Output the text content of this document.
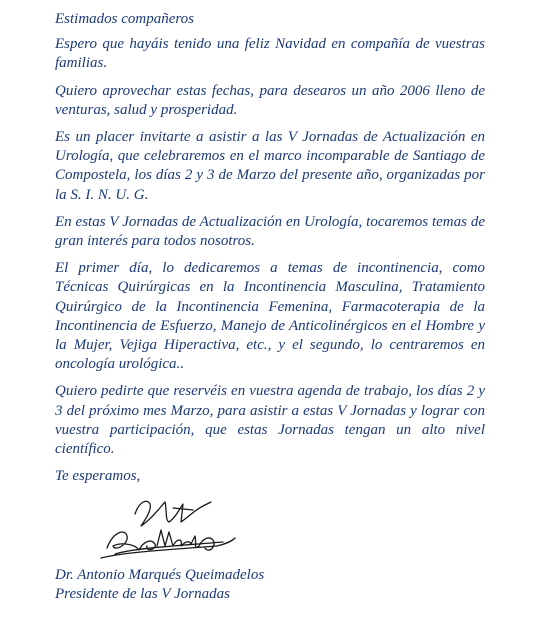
Estimados compañeros

Espero que hayáis tenido una feliz Navidad en compañía de vuestras familias.

Quiero aprovechar estas fechas, para desearos un año 2006 lleno de venturas, salud y prosperidad.

Es un placer invitarte a asistir a las V Jornadas de Actualización en Urología, que celebraremos en el marco incomparable de Santiago de Compostela, los días 2 y 3 de Marzo del presente año, organizadas por la S. I. N. U. G.

En estas V Jornadas de Actualización en Urología, tocaremos temas de gran interés para todos nosotros.

El primer día, lo dedicaremos a temas de incontinencia, como Técnicas Quirúrgicas en la Incontinencia Masculina, Tratamiento Quirúrgico de la Incontinencia Femenina, Farmacoterapia de la Incontinencia de Esfuerzo, Manejo de Anticolinérgicos en el Hombre y la Mujer, Vejiga Hiperactiva, etc., y el segundo, lo centraremos en oncología urológica..

Quiero pedirte que reservéis en vuestra agenda de trabajo, los días 2 y 3 del próximo mes Marzo, para asistir a estas V Jornadas y lograr con vuestra participación, que estas Jornadas tengan un alto nivel científico.

Te esperamos,

Dr. Antonio Marqués Queimadelos
Presidente de las V Jornadas
